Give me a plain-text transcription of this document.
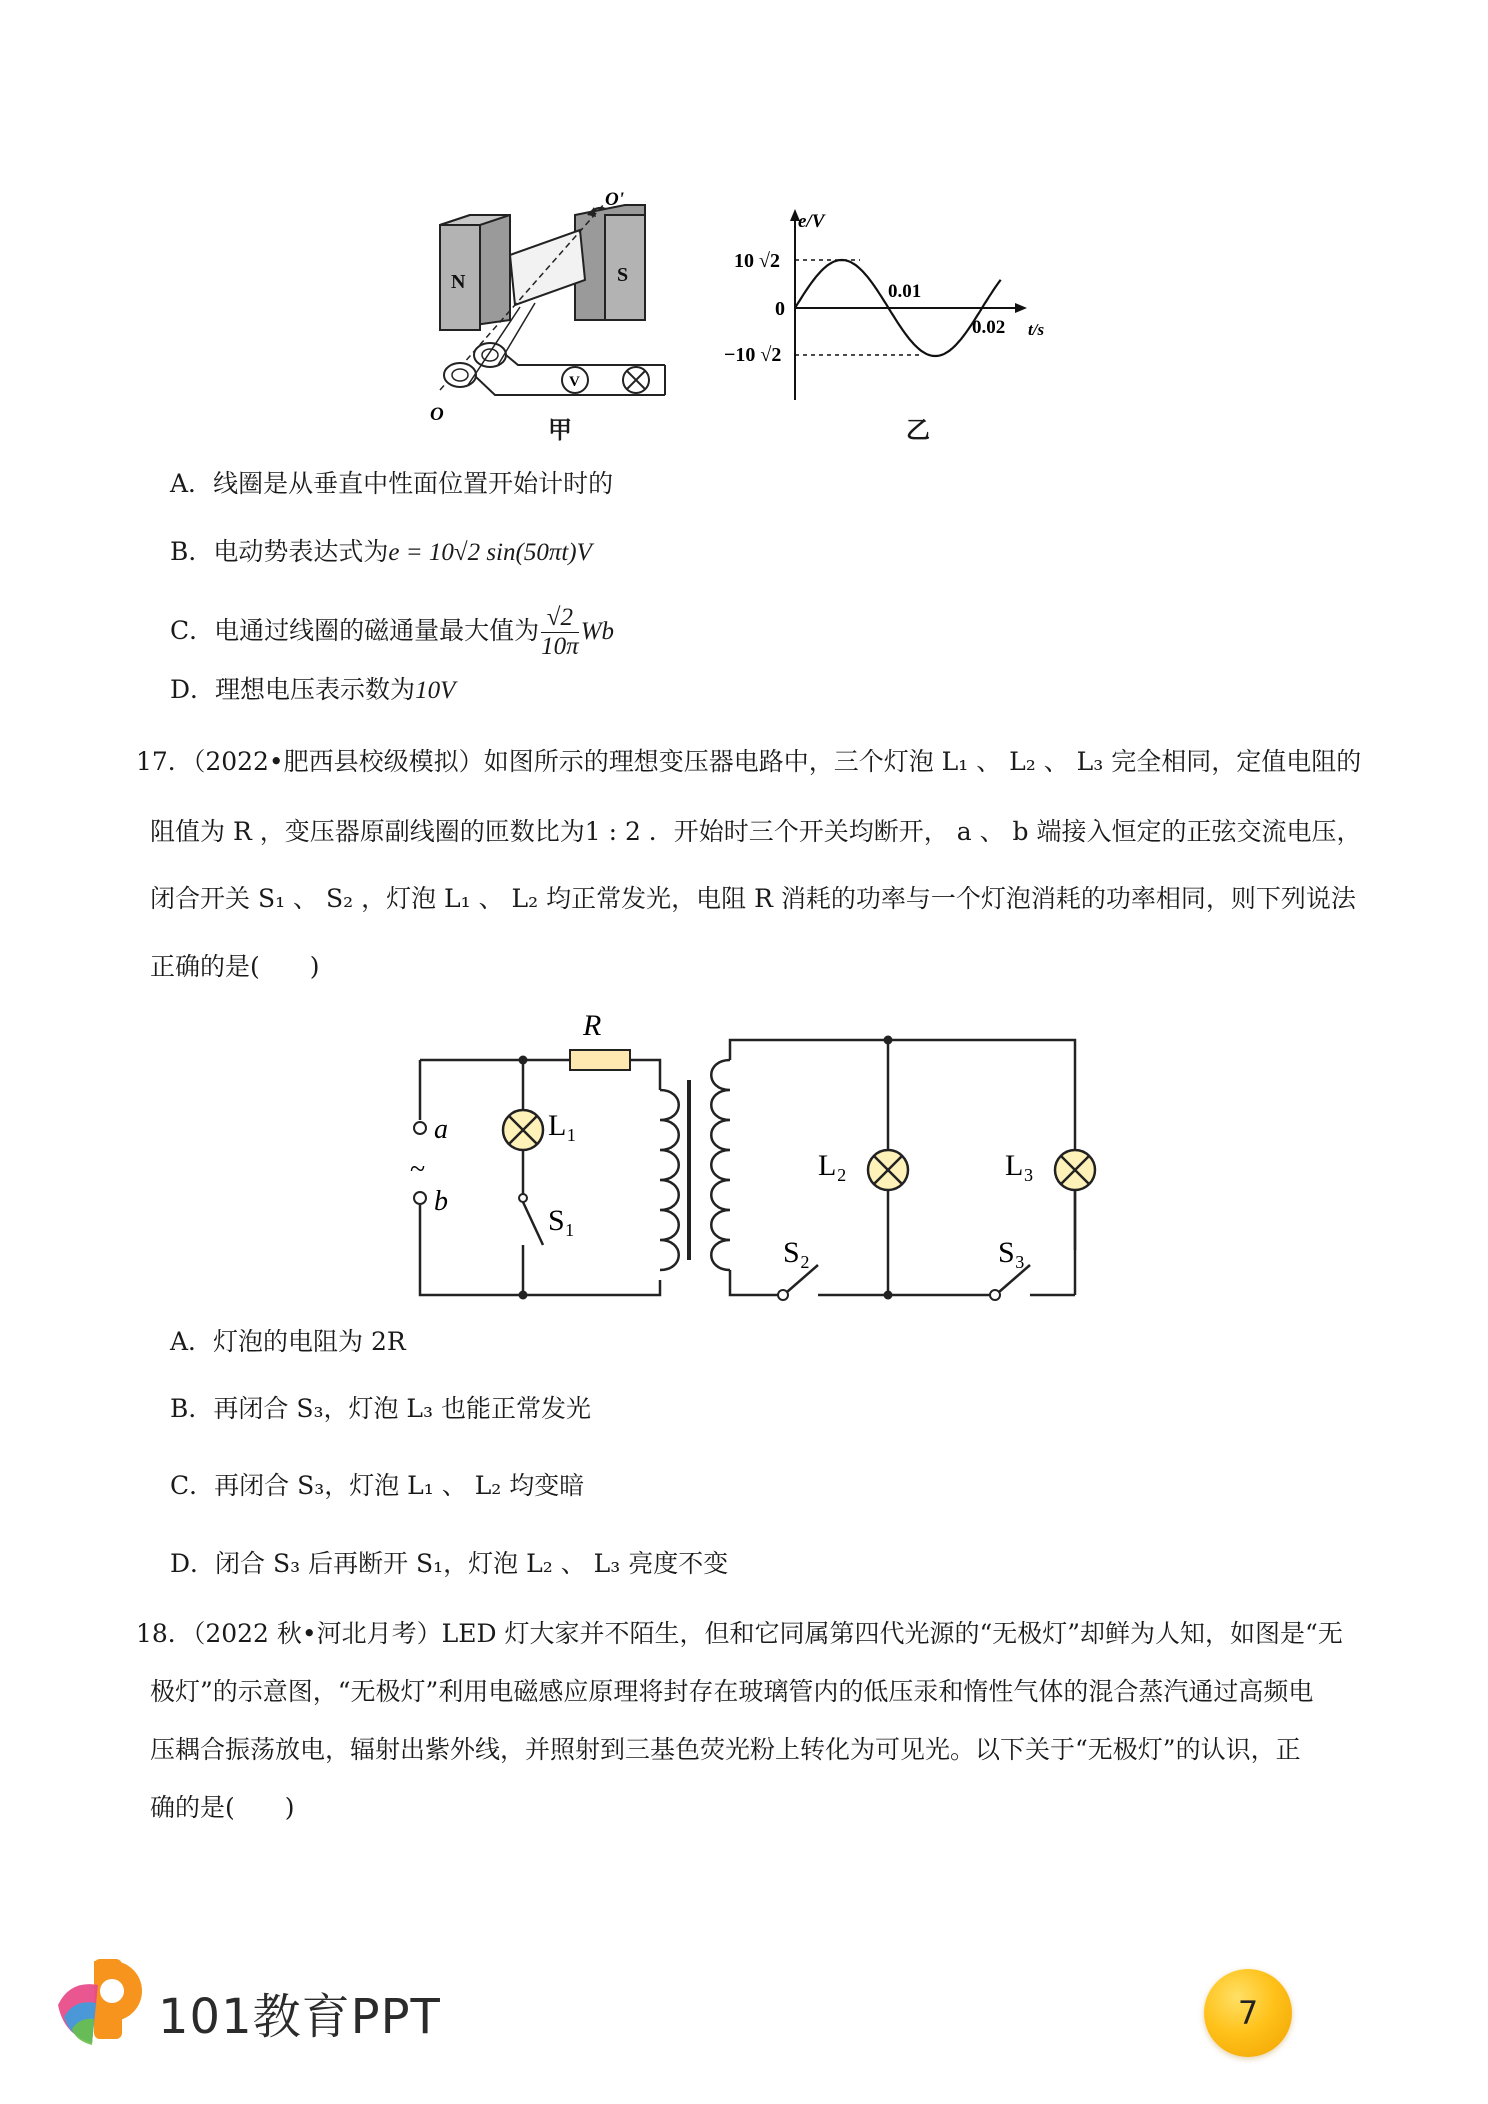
N	S
O'
V
O
甲
e/V
t/s
10 √2
0
−10 √2
0.01
0.02
乙
A．线圈是从垂直中性面位置开始计时的
B．电动势表达式为e = 10√2 sin(50πt)V
C．电通过线圈的磁通量最大值为 $\frac{√2}{10\pi}$ Wb
D．理想电压表示数为10V
17．（2022•肥西县校级模拟）如图所示的理想变压器电路中，三个灯泡 L₁ 、 L₂ 、 L₃ 完全相同，定值电阻的
阻值为 R ，变压器原副线圈的匝数比为1 : 2 ．开始时三个开关均断开， a 、 b 端接入恒定的正弦交流电压，
闭合开关 S₁ 、 S₂ ，灯泡 L₁ 、 L₂ 均正常发光，电阻 R 消耗的功率与一个灯泡消耗的功率相同，则下列说法
正确的是(　　)
R
a
~
b
L₁
S₁
S₂
L₂
S₃
L₃
A．灯泡的电阻为 2R
B．再闭合 S₃，灯泡 L₃ 也能正常发光
C．再闭合 S₃，灯泡 L₁ 、 L₂ 均变暗
D．闭合 S₃ 后再断开 S₁，灯泡 L₂ 、 L₃ 亮度不变
18．（2022 秋•河北月考）LED 灯大家并不陌生，但和它同属第四代光源的“无极灯”却鲜为人知，如图是“无
极灯”的示意图，“无极灯”利用电磁感应原理将封存在玻璃管内的低压汞和惰性气体的混合蒸汽通过高频电
压耦合振荡放电，辐射出紫外线，并照射到三基色荧光粉上转化为可见光。以下关于“无极灯”的认识，正
确的是(　　)
101教育PPT	7
